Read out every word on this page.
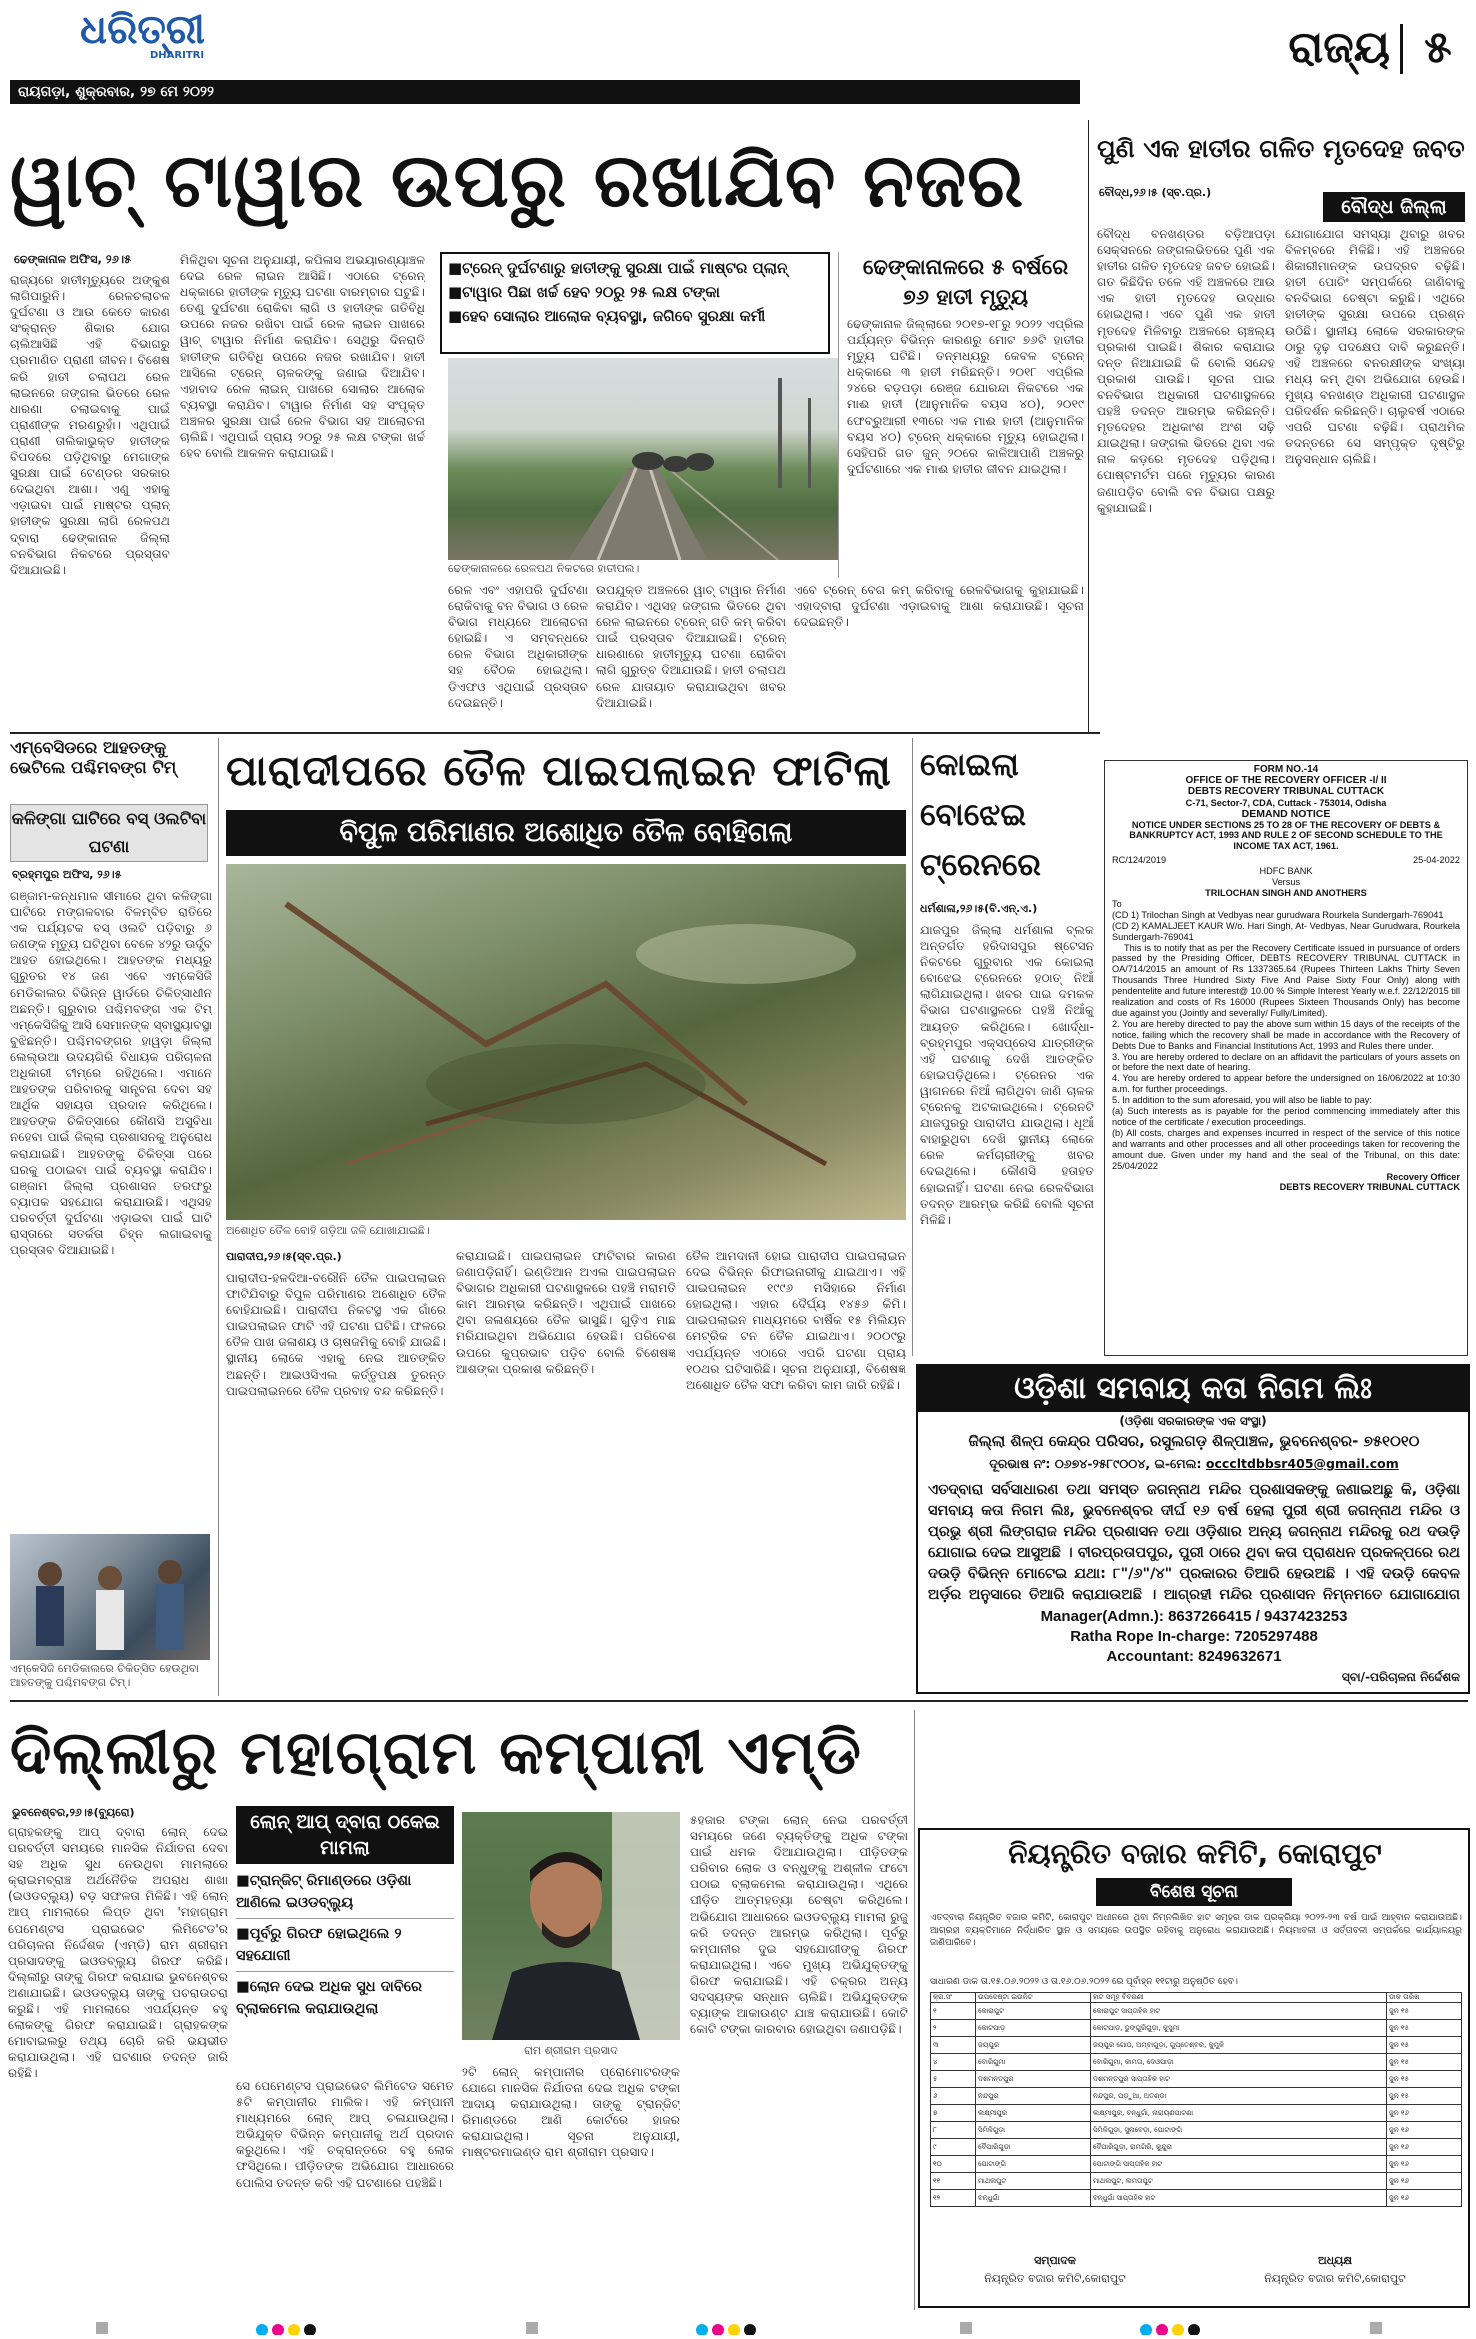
ଧରିତ୍ରୀ
DHARITRI
ରାୟଗଡ଼ା, ଶୁକ୍ରବାର, ୨୭ ମେ ୨୦୨୨
ରାଜ୍ୟ ୫
ୱାଚ୍ ଟାୱାର ଉପରୁ ରଖାଯିବ ନଜର
ଢେଙ୍କାନାଳ ଅଫିସ, ୨୬।୫
ରାଜ୍ୟରେ ହାତୀମୃତ୍ୟୁରେ ଅଙ୍କୁଶ ଲାଗିପାରୁନି। ରେଳଚଲାଚଳ ଦୁର୍ଘଟଣା ଓ ଆଉ କେତେ କାରଣ ସଂକ୍ରାନ୍ତ ଶିକାର ଯୋଗ ଚାଲିଆସିଛି ଏହି ବିଭାଗରୁ ପ୍ରମାଣିତ ପ୍ରାଣୀ ଜୀବନ। ବିଶେଷ କରି ହାତୀ ଚଲାପଥ ରେଳ ଲାଇନରେ ଜଙ୍ଗଲ ଭିତରେ ରେଳ ଧାରଣା ଚଲାଇବାକୁ ପାଇଁ ପ୍ରାଣୀଙ୍କ ମରଣରୁହାଁ। ଏଥିପାଇଁ ପ୍ରାଣୀ ତାଲିକାଭୁକ୍ତ ହାତୀଙ୍କ ବିପଦରେ ପଡ଼ିଥିବାରୁ ମେଗାଙ୍କ ସୁରକ୍ଷା ପାଇଁ ଟେଣ୍ଡର ସରକାର ଦେଇଥିବା ଆଶା। ଏଣୁ ଏହାକୁ ଏଡ଼ାଇବା ପାଇଁ ମାଷ୍ଟର ପ୍ଲାନ୍ ହାତୀଙ୍କ ସୁରକ୍ଷା ଲାଗି ରେଳପଥ ଦ୍ବାରା ଢେଙ୍କାନାଳ ଜିଲ୍ଲା ବନବିଭାଗ ନିକଟରେ ପ୍ରସ୍ତାବ ଦିଆଯାଇଛି।
ମିଳିଥିବା ସୂଚନା ଅନୁଯାୟୀ, କପିଳାସ ଅଭୟାରଣ୍ୟାଞ୍ଚଳ ଦେଇ ରେଳ ଲାଇନ ଆସିଛି। ଏଠାରେ ଟ୍ରେନ୍ ଧକ୍କାରେ ହାତୀଙ୍କ ମୃତ୍ୟୁ ଘଟଣା ବାରମ୍ବାର ଘଟୁଛି। ତେଣୁ ଦୁର୍ଘଟଣା ରୋକିବା ଲାଗି ଓ ହାତୀଙ୍କ ଗତିବିଧି ଉପରେ ନଜର ରଖିବା ପାଇଁ ରେଳ ଲାଇନ ପାଖରେ ୱାଚ୍ ଟାୱାର ନିର୍ମାଣ କରାଯିବ। ସେଥିରୁ ଦିନରାତି ହାତୀଙ୍କ ଗତିବିଧି ଉପରେ ନଜର ରଖାଯିବ। ହାତୀ ଆସିଲେ ଟ୍ରେନ୍ ଚାଳକଙ୍କୁ ଜଣାଇ ଦିଆଯିବ। ଏହାବାଦ ରେଳ ଲାଇନ୍ ପାଖରେ ସୋଲାର ଆଲୋକ ବ୍ୟବସ୍ଥା କରାଯିବ। ଟାୱାର ନିର୍ମାଣ ସହ ସଂପୃକ୍ତ ଅଞ୍ଚଳର ସୁରକ୍ଷା ପାଇଁ ରେଳ ବିଭାଗ ସହ ଆଲୋଚନା ଚାଲିଛି। ଏଥିପାଇଁ ପ୍ରାୟ ୨୦ରୁ ୨୫ ଲକ୍ଷ ଟଙ୍କା ଖର୍ଚ୍ଚ ହେବ ବୋଲି ଆକଳନ କରାଯାଇଛି।
■ଟ୍ରେନ୍ ଦୁର୍ଘଟଣାରୁ ହାତୀଙ୍କୁ ସୁରକ୍ଷା ପାଇଁ ମାଷ୍ଟର ପ୍ଲାନ୍
■ଟାୱାର ପିଛା ଖର୍ଚ୍ଚ ହେବ ୨୦ରୁ ୨୫ ଲକ୍ଷ ଟଙ୍କା
■ହେବ ସୋଲାର ଆଲୋକ ବ୍ୟବସ୍ଥା, ଜଗିବେ ସୁରକ୍ଷା କର୍ମୀ
ଢେଙ୍କାନାଳରେ ରେଳପଥ ନିକଟରେ ହାତୀପଲ।
ରେଳ ଏବଂ ଏହାପରି ଦୁର୍ଘଟଣା ରୋକିବାକୁ ବନ ବିଭାଗ ଓ ରେଳ ବିଭାଗ ମଧ୍ୟରେ ଆଲୋଚନା ହୋଇଛି। ଏ ସମ୍ବନ୍ଧରେ ରେଳ ବିଭାଗ ଅଧିକାରୀଙ୍କ ସହ ବୈଠକ ହୋଇଥିଲା। ଡିଏଫଓ ଏଥିପାଇଁ ପ୍ରସ୍ତାବ ଦେଇଛନ୍ତି।
ଉପଯୁକ୍ତ ଅଞ୍ଚଳରେ ୱାଚ୍ ଟାୱାର ନିର୍ମାଣ କରାଯିବ। ଏଥିସହ ଜଙ୍ଗଲ ଭିତରେ ଥିବା ରେଳ ଲାଇନରେ ଟ୍ରେନ୍ ଗତି କମ୍ କରିବା ପାଇଁ ପ୍ରସ୍ତାବ ଦିଆଯାଇଛି। ଟ୍ରେନ୍ ଧାରଣାରେ ହାତୀମୃତ୍ୟୁ ଘଟଣା ରୋକିବା ଲାଗି ଗୁରୁତ୍ବ ଦିଆଯାଉଛି। ହାତୀ ଚଲାପଥ ରେଳ ଯାତାୟାତ କରାଯାଇଥିବା ଖବର ଦିଆଯାଇଛି।
ଏବେ ଟ୍ରେନ୍ ବେଗ କମ୍ କରିବାକୁ ରେଳବିଭାଗକୁ କୁହାଯାଇଛି। ଏହାଦ୍ବାରା ଦୁର୍ଘଟଣା ଏଡ଼ାଇବାକୁ ଆଶା କରାଯାଉଛି। ସୂଚନା ଦେଇଛନ୍ତି।
ଢେଙ୍କାନାଳରେ ୫ ବର୍ଷରେ ୭୬ ହାତୀ ମୃତ୍ୟୁ
ଢେଙ୍କାନାଳ ଜିଲ୍ଲାରେ ୨୦୧୭-୧୮ରୁ ୨୦୨୨ ଏପ୍ରିଲ ପର୍ଯ୍ୟନ୍ତ ବିଭିନ୍ନ କାରଣରୁ ମୋଟ ୭୬ଟି ହାତୀର ମୃତ୍ୟୁ ଘଟିଛି। ତନ୍ମଧ୍ୟରୁ କେବଳ ଟ୍ରେନ୍ ଧକ୍କାରେ ୩ ହାତୀ ମରିଛନ୍ତି। ୨୦୧୮ ଏପ୍ରିଲ ୨୪ରେ ବଡ଼ପଡ଼ା ରେଞ୍ଜ ଯୋରନ୍ଦା ନିକଟରେ ଏକ ମାଈ ହାତୀ (ଆନୁମାନିକ ବୟସ ୪୦), ୨୦୧୯ ଫେବ୍ରୁଆରୀ ୧୩ରେ ଏକ ମାଈ ହାତୀ (ଆନୁମାନିକ ବୟସ ୪୦) ଟ୍ରେନ୍ ଧକ୍କାରେ ମୃତ୍ୟୁ ହୋଇଥିଲା। ସେହିପରି ଗତ ଜୁନ୍ ୨୦ରେ କାଳିଆପାଣି ଅଞ୍ଚଳରୁ ଦୁର୍ଘଟଣାରେ ଏକ ମାଈ ହାତୀର ଜୀବନ ଯାଇଥିଲା।
ପୁଣି ଏକ ହାତୀର ଗଳିତ ମୃତଦେହ ଜବତ
ବୌଦ୍ଧ,୨୬।୫ (ସ୍ବ.ପ୍ର.)
ବୌଦ୍ଧ ଜିଲ୍ଲା
ବୌଦ୍ଧ ବନଖଣ୍ଡର ବଡ଼ିଆପଡ଼ା ସେକ୍ସନରେ ଜଙ୍ଗଲଭିତରେ ପୁଣି ଏକ ହାତୀର ଗଳିତ ମୃତଦେହ ଜବତ ହୋଇଛି। ଗତ କିଛିଦିନ ତଳେ ଏହି ଅଞ୍ଚଳରେ ଆଉ ଏକ ହାତୀ ମୃତଦେହ ଉଦ୍ଧାର ହୋଇଥିଲା। ଏବେ ପୁଣି ଏକ ହାତୀ ମୃତଦେହ ମିଳିବାରୁ ଅଞ୍ଚଳରେ ଚାଞ୍ଚଲ୍ୟ ପ୍ରକାଶ ପାଇଛି। ଶିକାର କରାଯାଇ ଦନ୍ତ ନିଆଯାଇଛି କି ବୋଲି ସନ୍ଦେହ ପ୍ରକାଶ ପାଉଛି। ସୂଚନା ପାଇ ବନବିଭାଗ ଅଧିକାରୀ ଘଟଣାସ୍ଥଳରେ ପହଞ୍ଚି ତଦନ୍ତ ଆରମ୍ଭ କରିଛନ୍ତି। ମୃତଦେହର ଅଧିକାଂଶ ଅଂଶ ସଢ଼ି ଯାଇଥିଲା। ଜଙ୍ଗଲ ଭିତରେ ଥିବା ଏକ ନାଳ କଡ଼ରେ ମୃତଦେହ ପଡ଼ିଥିଲା। ପୋଷ୍ଟମର୍ଟମ ପରେ ମୃତ୍ୟୁର କାରଣ ଜଣାପଡ଼ିବ ବୋଲି ବନ ବିଭାଗ ପକ୍ଷରୁ କୁହାଯାଇଛି।
ଯୋଗାଯୋଗ ସମସ୍ୟା ଥିବାରୁ ଖବର ବିଳମ୍ବରେ ମିଳିଛି। ଏହି ଅଞ୍ଚଳରେ ଶିକାରୀମାନଙ୍କ ଉପଦ୍ରବ ବଢ଼ିଛି। ହାତୀ ପୋଚିଂ ସମ୍ପର୍କରେ ଜାଣିବାକୁ ବନବିଭାଗ ଚେଷ୍ଟା କରୁଛି। ଏଥିରେ ହାତୀଙ୍କ ସୁରକ୍ଷା ଉପରେ ପ୍ରଶ୍ନ ଉଠିଛି। ସ୍ଥାନୀୟ ଲୋକେ ସରକାରଙ୍କ ଠାରୁ ଦୃଢ଼ ପଦକ୍ଷେପ ଦାବି କରୁଛନ୍ତି। ଏହି ଅଞ୍ଚଳରେ ବନରକ୍ଷୀଙ୍କ ସଂଖ୍ୟା ମଧ୍ୟ କମ୍ ଥିବା ଅଭିଯୋଗ ହେଉଛି। ମୁଖ୍ୟ ବନଖଣ୍ଡ ଅଧିକାରୀ ଘଟଣାସ୍ଥଳ ପରିଦର୍ଶନ କରିଛନ୍ତି। ଚାଲୁବର୍ଷ ଏଠାରେ ଏପରି ଘଟଣା ବଢ଼ିଛି। ପ୍ରାଥମିକ ତଦନ୍ତରେ ସେ ସମ୍ପୃକ୍ତ ଦୃଷ୍ଟିରୁ ଅନୁସନ୍ଧାନ ଚାଲିଛି।
ଏମ୍‌ବେସିଡରେ ଆହତଙ୍କୁ ଭେଟିଲେ ପଶ୍ଚିମବଙ୍ଗ ଟିମ୍
କଳିଙ୍ଗା ଘାଟିରେ ବସ୍ ଓଲଟିବା ଘଟଣା
ବ୍ରହ୍ମପୁର ଅଫିସ, ୨୬।୫
ଗଞ୍ଜାମ-କନ୍ଧମାଳ ସୀମାରେ ଥିବା କଳିଙ୍ଗା ଘାଟିରେ ମଙ୍ଗଳବାର ବିଳମ୍ବିତ ରାତିରେ ଏକ ପର୍ଯ୍ୟଟକ ବସ୍ ଓଲଟି ପଡ଼ିବାରୁ ୬ ଜଣଙ୍କ ମୃତ୍ୟୁ ଘଟିଥିବା ବେଳେ ୪୨ରୁ ଊର୍ଦ୍ଧ୍ବ ଆହତ ହୋଇଥିଲେ। ଆହତଙ୍କ ମଧ୍ୟରୁ ଗୁରୁତର ୧୪ ଜଣ ଏବେ ଏମ୍‌କେସିଜି ମେଡିକାଲର ବିଭିନ୍ନ ୱାର୍ଡରେ ଚିକିତ୍ସାଧୀନ ଅଛନ୍ତି। ଗୁରୁବାର ପଶ୍ଚିମବଙ୍ଗ ଏକ ଟିମ୍ ଏମ୍‌କେସିଜିକୁ ଆସି ସେମାନଙ୍କ ସ୍ବାସ୍ଥ୍ୟାବସ୍ଥା ବୁଝିଛନ୍ତି। ପଶ୍ଚିମବଙ୍ଗର ହାୱଡ଼ା ଜିଲ୍ଲା ଲେଲ୍‌ଉଆ ଉଦୟଗିରି ବିଧାୟକ ପରିଚାଳନା ଅଧିକାରୀ ଟୀମ୍‌ରେ ରହିଥିଲେ। ଏମାନେ ଆହତଙ୍କ ପରିବାରକୁ ସାନ୍ତ୍ବନା ଦେବା ସହ ଆର୍ଥିକ ସହାୟତା ପ୍ରଦାନ କରିଥିଲେ। ଆହତଙ୍କ ଚିକିତ୍ସାରେ କୌଣସି ଅସୁବିଧା ନହେବା ପାଇଁ ଜିଲ୍ଲା ପ୍ରଶାସନକୁ ଅନୁରୋଧ କରାଯାଇଛି। ଆହତଙ୍କୁ ଚିକିତ୍ସା ପରେ ଘରକୁ ପଠାଇବା ପାଇଁ ବ୍ୟବସ୍ଥା କରାଯିବ। ଗଞ୍ଜାମ ଜିଲ୍ଲା ପ୍ରଶାସନ ତରଫରୁ ବ୍ୟାପକ ସହଯୋଗ କରାଯାଉଛି। ଏଥିସହ ପରବର୍ତ୍ତୀ ଦୁର୍ଘଟଣା ଏଡ଼ାଇବା ପାଇଁ ଘାଟି ରାସ୍ତାରେ ସତର୍କତା ଚିହ୍ନ ଲଗାଇବାକୁ ପ୍ରସ୍ତାବ ଦିଆଯାଇଛି।
ଏମ୍‌କେସିଜି ମେଡିକାଲରେ ଚିକିତ୍ସିତ ହେଉଥିବା ଆହତଙ୍କୁ ପଶ୍ଚିମବଙ୍ଗ ଟିମ୍।
ପାରାଦୀପରେ ତୈଳ ପାଇପଲାଇନ ଫାଟିଲା
ବିପୁଳ ପରିମାଣର ଅଶୋଧିତ ତୈଳ ବୋହିଗଲା
ଅଶୋଧିତ ତୈଳ ବୋହି ଗଡ଼ିଆ ଜଳି ଯୋଖାଯାଇଛି।
ପାରାଦୀପ,୨୬।୫(ସ୍ବ.ପ୍ର.)
ପାରାଦୀପ-ହଳଦିଆ-ବରୌନି ତୈଳ ପାଇପଲାଇନ ଫାଟିଯିବାରୁ ବିପୁଳ ପରିମାଣର ଅଶୋଧିତ ତୈଳ ବୋହିଯାଇଛି। ପାରାଦୀପ ନିକଟସ୍ଥ ଏକ ଗାଁରେ ପାଇପଲାଇନ ଫାଟି ଏହି ଘଟଣା ଘଟିଛି। ଫଳରେ ତୈଳ ପାଖ ଜଳାଶୟ ଓ ଚାଷଜମିକୁ ବୋହି ଯାଇଛି। ସ୍ଥାନୀୟ ଲୋକେ ଏହାକୁ ନେଇ ଆତଙ୍କିତ ଅଛନ୍ତି। ଆଇଓସିଏଲ କର୍ତ୍ତୃପକ୍ଷ ତୁରନ୍ତ ପାଇପଲାଇନରେ ତୈଳ ପ୍ରବାହ ବନ୍ଦ କରିଛନ୍ତି।
କରାଯାଇଛି। ପାଇପଲାଇନ ଫାଟିବାର କାରଣ ଜଣାପଡ଼ିନାହିଁ। ଇଣ୍ଡିଆନ ଅଏଲ ପାଇପଲାଇନ ବିଭାଗର ଅଧିକାରୀ ଘଟଣାସ୍ଥଳରେ ପହଞ୍ଚି ମରାମତି କାମ ଆରମ୍ଭ କରିଛନ୍ତି। ଏଥିପାଇଁ ପାଖରେ ଥିବା ଜଳାଶୟରେ ତୈଳ ଭାସୁଛି। ଗୁଡ଼ିଏ ମାଛ ମରିଯାଇଥିବା ଅଭିଯୋଗ ହେଉଛି। ପରିବେଶ ଉପରେ କୁପ୍ରଭାବ ପଡ଼ିବ ବୋଲି ବିଶେଷଜ୍ଞ ଆଶଙ୍କା ପ୍ରକାଶ କରିଛନ୍ତି।
ତୈଳ ଆମଦାନୀ ହୋଇ ପାରାଦୀପ ପାଇପଲାଇନ ଦେଇ ବିଭିନ୍ନ ରିଫାଇନାରୀକୁ ଯାଇଥାଏ। ଏହି ପାଇପଲାଇନ ୧୯୯୬ ମସିହାରେ ନିର୍ମାଣ ହୋଇଥିଲା। ଏହାର ଦୈର୍ଘ୍ୟ ୧୪୫୬ କିମି। ପାଇପଲାଇନ ମାଧ୍ୟମରେ ବାର୍ଷିକ ୧୫ ମିଲିୟନ ମେଟ୍ରିକ ଟନ ତୈଳ ଯାଇଥାଏ। ୨୦୦୯ରୁ ଏପର୍ଯ୍ୟନ୍ତ ଏଠାରେ ଏପରି ଘଟଣା ପ୍ରାୟ ୧୦ଥର ଘଟିସାରିଛି। ସୂଚନା ଅନୁଯାୟୀ, ବିଶେଷଜ୍ଞ ଅଶୋଧିତ ତୈଳ ସଫା କରିବା କାମ ଜାରି ରହିଛି।
କୋଇଲା ବୋଝେଇ ଟ୍ରେନରେ
ଧର୍ମଶାଳା,୨୬।୫(ବି.ଏନ୍.ଏ.)
ଯାଜପୁର ଜିଲ୍ଲା ଧର୍ମଶାଳା ବ୍ଲକ ଅନ୍ତର୍ଗତ ହରିଦାସପୁର ଷ୍ଟେସନ ନିକଟରେ ଗୁରୁବାର ଏକ କୋଇଲା ବୋଝେଇ ଟ୍ରେନରେ ହଠାତ୍ ନିଆଁ ଲାଗିଯାଇଥିଲା। ଖବର ପାଇ ଦମକଳ ବିଭାଗ ଘଟଣାସ୍ଥଳରେ ପହଞ୍ଚି ନିଆଁକୁ ଆୟତ୍ତ କରିଥିଲେ। ଖୋର୍ଦ୍ଧା-ବ୍ରହ୍ମପୁର ଏକ୍ସପ୍ରେସ ଯାତ୍ରୀଙ୍କ ଏହି ଘଟଣାକୁ ଦେଖି ଆତଙ୍କିତ ହୋଇପଡ଼ିଥିଲେ। ଟ୍ରେନର ଏକ ୱାଗନରେ ନିଆଁ ଲାଗିଥିବା ଜାଣି ଚାଳକ ଟ୍ରେନକୁ ଅଟକାଇଥିଲେ। ଟ୍ରେନଟି ଯାଜପୁରରୁ ପାରାଦୀପ ଯାଉଥିଲା। ଧୂଆଁ ବାହାରୁଥିବା ଦେଖି ସ୍ଥାନୀୟ ଲୋକେ ରେଳ କର୍ମଚାରୀଙ୍କୁ ଖବର ଦେଇଥିଲେ। କୌଣସି ହତାହତ ହୋଇନାହିଁ। ଘଟଣା ନେଇ ରେଳବିଭାଗ ତଦନ୍ତ ଆରମ୍ଭ କରିଛି ବୋଲି ସୂଚନା ମିଳିଛି।
FORM NO.-14
OFFICE OF THE RECOVERY OFFICER -I/ II
DEBTS RECOVERY TRIBUNAL CUTTACK
C-71, Sector-7, CDA, Cuttack - 753014, Odisha
DEMAND NOTICE
NOTICE UNDER SECTIONS 25 TO 28 OF THE RECOVERY OF DEBTS & BANKRUPTCY ACT, 1993 AND RULE 2 OF SECOND SCHEDULE TO THE INCOME TAX ACT, 1961.
RC/124/2019	25-04-2022
HDFC BANK
Versus
TRILOCHAN SINGH AND ANOTHERS
To
(CD 1) Trilochan Singh at Vedbyas near gurudwara Rourkela Sundergarh-769041
(CD 2) KAMALJEET KAUR W/o. Hari Singh, At- Vedbyas, Near Gurudwara, Rourkela Sundergarh-769041
This is to notify that as per the Recovery Certificate issued in pursuance of orders passed by the Presiding Officer, DEBTS RECOVERY TRIBUNAL CUTTACK in OA/714/2015 an amount of Rs 1337365.64 (Rupees Thirteen Lakhs Thirty Seven Thousands Three Hundred Sixty Five And Paise Sixty Four Only) along with pendentelite and future interest@ 10.00 % Simple Interest Yearly w.e.f. 22/12/2015 till realization and costs of Rs 16000 (Rupees Sixteen Thousands Only) has become due against you (Jointly and severally/ Fully/Limited).
2. You are hereby directed to pay the above sum within 15 days of the receipts of the notice, failing which the recovery shall be made in accordance with the Recovery of Debts Due to Banks and Financial Institutions Act, 1993 and Rules there under.
3. You are hereby ordered to declare on an affidavit the particulars of yours assets on or before the next date of hearing.
4. You are hereby ordered to appear before the undersigned on 16/06/2022 at 10:30 a.m. for further proceedings.
5. In addition to the sum aforesaid, you will also be liable to pay:
(a) Such interests as is payable for the period commencing immediately after this notice of the certificate / execution proceedings.
(b) All costs, charges and expenses incurred in respect of the service of this notice and warrants and other processes and all other proceedings taken for recovering the amount due. Given under my hand and the seal of the Tribunal, on this date: 25/04/2022
Recovery Officer
DEBTS RECOVERY TRIBUNAL CUTTACK
ଓଡ଼ିଶା ସମବାୟ କତା ନିଗମ ଲିଃ
(ଓଡ଼ିଶା ସରକାରଙ୍କ ଏକ ସଂସ୍ଥା)
ଜିଲ୍ଲା ଶିଳ୍ପ କେନ୍ଦ୍ର ପରିସର, ରସୁଲଗଡ଼ ଶିଳ୍ପାଞ୍ଚଳ, ଭୁବନେଶ୍ବର- ୭୫୧୦୧୦
ଦୂରଭାଷ ନଂ: ୦୬୭୪-୨୫୮୯୦୦୪, ଇ-ମେଲ: occcltdbbsr405@gmail.com
ଏତଦ୍ବାରା ସର୍ବସାଧାରଣ ତଥା ସମସ୍ତ ଜଗନ୍ନାଥ ମନ୍ଦିର ପ୍ରଶାସକଙ୍କୁ ଜଣାଇଅଛୁ କି, ଓଡ଼ିଶା ସମବାୟ କତା ନିଗମ ଲିଃ, ଭୁବନେଶ୍ବର ଦୀର୍ଘ ୧୬ ବର୍ଷ ହେଲା ପୁରୀ ଶ୍ରୀ ଜଗନ୍ନାଥ ମନ୍ଦିର ଓ ପ୍ରଭୁ ଶ୍ରୀ ଲିଙ୍ଗରାଜ ମନ୍ଦିର ପ୍ରଶାସନ ତଥା ଓଡ଼ିଶାର ଅନ୍ୟ ଜଗନ୍ନାଥ ମନ୍ଦିରକୁ ରଥ ଦଉଡ଼ି ଯୋଗାଇ ଦେଇ ଆସୁଅଛି । ବୀରପ୍ରତାପପୁର, ପୁରୀ ଠାରେ ଥିବା କତା ପ୍ରାଶଧନ ପ୍ରକଳ୍ପରେ ରଥ ଦଉଡ଼ି ବିଭିନ୍ନ ମୋଟେଇ ଯଥା: ୮"/୬"/୪" ପ୍ରକାରର ତିଆରି ହେଉଅଛି । ଏହି ଦଉଡ଼ି କେବଳ ଅର୍ଡ଼ର ଅନୁସାରେ ତିଆରି କରାଯାଉଅଛି । ଆଗ୍ରହୀ ମନ୍ଦିର ପ୍ରଶାସନ ନିମ୍ନମତେ ଯୋଗାଯୋଗ
Manager(Admn.): 8637266415 / 9437423253
Ratha Rope In-charge: 7205297488
Accountant: 8249632671
ସ୍ବା/-ପରିଚାଳନା ନିର୍ଦ୍ଦେଶକ
ଦିଲ୍ଲୀରୁ ମହାଗ୍ରାମ କମ୍ପାନୀ ଏମ୍‌ଡି
ଭୁବନେଶ୍ବର,୨୬।୫(ବ୍ୟୁରୋ)
ଗ୍ରାହକଙ୍କୁ ଆପ୍ ଦ୍ବାରା ଲୋନ୍ ଦେଇ ପରବର୍ତ୍ତୀ ସମୟରେ ମାନସିକ ନିର୍ଯାତନା ଦେବା ସହ ଅଧିକ ସୁଧ ନେଉଥିବା ମାମଲାରେ କ୍ରାଇମବ୍ରାଞ୍ଚ ଅର୍ଥନୈତିକ ଅପରାଧ ଶାଖା (ଇଓଡବ୍ଲ୍ୟୁ) ବଡ଼ ସଫଳତା ମିଳିଛି। ଏହି ଲୋନ୍ ଆପ୍ ମାମଲାରେ ଲିପ୍ତ ଥିବା 'ମହାଗ୍ରାମ ପେମେଣ୍ଟସ ପ୍ରାଇଭେଟ ଲିମିଟେଡ'ର ପରିଚାଳନା ନିର୍ଦ୍ଦେଶକ (ଏମ୍‌ଡି) ରାମ ଶ୍ରୀରାମ ପ୍ରସାଦଙ୍କୁ ଇଓଡବ୍ଲ୍ୟୁ ଗିରଫ କରିଛି। ଦିଲ୍ଲୀରୁ ତାଙ୍କୁ ଗିରଫ କରାଯାଇ ଭୁବନେଶ୍ବର ଅଣାଯାଇଛି। ଇଓଡବ୍ଲ୍ୟୁ ତାଙ୍କୁ ପଚରାଉଚରା କରୁଛି। ଏହି ମାମଲାରେ ଏପର୍ଯ୍ୟନ୍ତ ବହୁ ଲୋକଙ୍କୁ ଗିରଫ କରାଯାଇଛି। ଗ୍ରାହକଙ୍କ ମୋବାଇଲରୁ ତଥ୍ୟ ଚୋରି କରି ଭୟଭୀତ କରାଯାଉଥିଲା। ଏହି ଘଟଣାର ତଦନ୍ତ ଜାରି ରହିଛି।
ଲୋନ୍ ଆପ୍ ଦ୍ବାରା ଠକେଇ ମାମଲା
■ଟ୍ରାନ୍ଜିଟ୍ ରିମାଣ୍ଡରେ ଓଡ଼ିଶା ଆଣିଲେ ଇଓଡବ୍ଲ୍ୟୁ
■ପୂର୍ବରୁ ଗିରଫ ହୋଇଥିଲେ ୨ ସହଯୋଗୀ
■ଲୋନ ଦେଇ ଅଧିକ ସୁଧ ଦାବିରେ ବ୍ଲାକମେଲ କରାଯାଉଥିଲା
ସେ ପେମେଣ୍ଟସ ପ୍ରାଇଭେଟ ଲିମିଟେଡ ସମେତ ୫ଟି କମ୍ପାନୀର ମାଲିକ। ଏହି କମ୍ପାନୀ ମାଧ୍ୟମରେ ଲୋନ୍ ଆପ୍ ଚଳାଯାଉଥିଲା। ଅଭିଯୁକ୍ତ ବିଭିନ୍ନ କମ୍ପାନୀକୁ ଅର୍ଥ ପ୍ରଦାନ କରୁଥିଲେ। ଏହି ଚକ୍ରାନ୍ତରେ ବହୁ ଲୋକ ଫସିଥିଲେ। ପୀଡ଼ିତଙ୍କ ଅଭିଯୋଗ ଆଧାରରେ ପୋଲିସ ତଦନ୍ତ କରି ଏହି ଘଟଣାରେ ପହଞ୍ଚିଛି।
ରାମ ଶ୍ରୀରାମ ପ୍ରସାଦ
୨ଟି ଲୋନ୍ କମ୍ପାନୀର ପ୍ରୋମୋଟରଙ୍କ ଯୋଗେ ମାନସିକ ନିର୍ଯାତନା ଦେଇ ଅଧିକ ଟଙ୍କା ଆଦାୟ କରାଯାଉଥିଲା। ତାଙ୍କୁ ଟ୍ରାନ୍ଜିଟ୍ ରିମାଣ୍ଡରେ ଆଣି କୋର୍ଟରେ ହାଜର କରାଯାଇଥିଲା। ସୂଚନା ଅନୁଯାୟୀ, ମାଷ୍ଟରମାଇଣ୍ଡ ରାମ ଶ୍ରୀରାମ ପ୍ରସାଦ।
୫ହଜାର ଟଙ୍କା ଲୋନ୍ ନେଇ ପରବର୍ତ୍ତୀ ସମୟରେ ଜଣେ ବ୍ୟକ୍ତିଙ୍କୁ ଅଧିକ ଟଙ୍କା ପାଇଁ ଧମକ ଦିଆଯାଉଥିଲା। ପୀଡ଼ିତଙ୍କ ପରିବାର ଲୋକ ଓ ବନ୍ଧୁଙ୍କୁ ଅଶ୍ଳୀଳ ଫଟୋ ପଠାଇ ବ୍ଲାକମେଲ କରାଯାଉଥିଲା। ଏଥିରେ ପୀଡ଼ିତ ଆତ୍ମହତ୍ୟା ଚେଷ୍ଟା କରିଥିଲେ। ଅଭିଯୋଗ ଆଧାରରେ ଇଓଡବ୍ଲ୍ୟୁ ମାମଲା ରୁଜୁ କରି ତଦନ୍ତ ଆରମ୍ଭ କରିଥିଲା। ପୂର୍ବରୁ କମ୍ପାନୀର ଦୁଇ ସହଯୋଗୀଙ୍କୁ ଗିରଫ କରାଯାଇଥିଲା। ଏବେ ମୁଖ୍ୟ ଅଭିଯୁକ୍ତଙ୍କୁ ଗିରଫ କରାଯାଇଛି। ଏହି ଚକ୍ରର ଅନ୍ୟ ସଦସ୍ୟଙ୍କ ସନ୍ଧାନ ଚାଲିଛି। ଅଭିଯୁକ୍ତଙ୍କ ବ୍ୟାଙ୍କ ଆକାଉଣ୍ଟ ଯାଞ୍ଚ କରାଯାଉଛି। କୋଟି କୋଟି ଟଙ୍କା କାରବାର ହୋଇଥିବା ଜଣାପଡ଼ିଛି।
ନିୟନ୍ତ୍ରିତ ବଜାର କମିଟି, କୋରାପୁଟ
ବିଶେଷ ସୂଚନା
ଏତଦ୍ବାରା ନିୟନ୍ତ୍ରିତ ବଜାର କମିଟି, କୋରାପୁଟ ଅଧୀନରେ ଥିବା ନିମ୍ନଲିଖିତ ହାଟ ସମୂହର ଡାକ ପ୍ରକ୍ରିୟା ୨୦୨୨-୨୩ ବର୍ଷ ପାଇଁ ଆହ୍ବାନ କରାଯାଉଅଛି। ଆଗ୍ରହୀ ବ୍ୟକ୍ତିମାନେ ନିର୍ଦ୍ଧାରିତ ସ୍ଥାନ ଓ ସମୟରେ ଉପସ୍ଥିତ ରହିବାକୁ ଅନୁରୋଧ କରାଯାଉଅଛି। ନିୟମାବଳୀ ଓ ସର୍ତ୍ତାବଳୀ ସମ୍ପର୍କରେ କାର୍ଯ୍ୟାଳୟରୁ ଜାଣିପାରିବେ।
ସାଧାରଣ ଡାକ ତା.୧୫.୦୬.୨୦୨୨ ଓ ତା.୧୬.୦୬.୨୦୨୨ ରେ ପୂର୍ବାହ୍ନ ୧୧ଟାରୁ ଅନୁଷ୍ଠିତ ହେବ।
କ୍ର.ସଂ	ଉପଦେଷ୍ଟା ଇଉନିଟ	ହାଟ ସମୂହ ବିବରଣୀ	ଡାକ ତାରିଖ
୧	କୋରାପୁଟ	କୋରାପୁଟ ସାପ୍ତାହିକ ହାଟ	ଜୁନ ୧୫
୨	କୋଟପାଡ଼	କୋଟପାଡ଼, ଡୁଙ୍ଗୁରିଗୁଡ଼ା, କୁସୁମୀ	ଜୁନ ୧୫
୩	ଜୟପୁର	ଜୟପୁର ଗୋଠ, ଅମ୍ବାଗୁଡ଼ା, ଗୁପ୍ତେଶ୍ବର, କୁମୁଳି	ଜୁନ ୧୫
୪	ବୋରିଗୁମା	ବୋରିଗୁମା, କାମତା, ଦେଓପାଡ଼ା	ଜୁନ ୧୫
୫	ଦଶମନ୍ତପୁର	ଦଶମନ୍ତପୁର ସାପ୍ତାହିକ ହାଟ	ଜୁନ ୧୫
୬	ନନ୍ଦପୁର	ନନ୍ଦପୁର, ପଡ଼ୁଆ, ଅତଣ୍ଡା	ଜୁନ ୧୫
୭	ଲକ୍ଷ୍ମୀପୁର	ଲକ୍ଷ୍ମୀପୁର, ବନ୍ଧୁଗାଁ, ନାରାୟଣପାଟଣା	ଜୁନ ୧୬
୮	ସିମିଳିଗୁଡ଼ା	ସିମିଳିଗୁଡ଼ା, ସୁନାବେଡ଼ା, ପୋଟାଙ୍ଗି	ଜୁନ ୧୬
୯	ବୈପାରିଗୁଡ଼ା	ବୈପାରିଗୁଡ଼ା, ରାମଗିରି, କୁନ୍ଦୁରା	ଜୁନ ୧୬
୧୦	ପୋଟାଙ୍ଗି	ପୋଟାଙ୍ଗି ସାପ୍ତାହିକ ହାଟ	ଜୁନ ୧୬
୧୧	ମାଥଲପୁଟ	ମାଥଲପୁଟ, ଲମତାପୁଟ	ଜୁନ ୧୬
୧୨	ବନ୍ଧୁଗାଁ	ବନ୍ଧୁଗାଁ ସାପ୍ତାହିକ ହାଟ	ଜୁନ ୧୬
ସମ୍ପାଦକ
ନିୟନ୍ତ୍ରିତ ବଜାର କମିଟି,କୋରାପୁଟ
ଅଧ୍ୟକ୍ଷ
ନିୟନ୍ତ୍ରିତ ବଜାର କମିଟି,କୋରାପୁଟ
